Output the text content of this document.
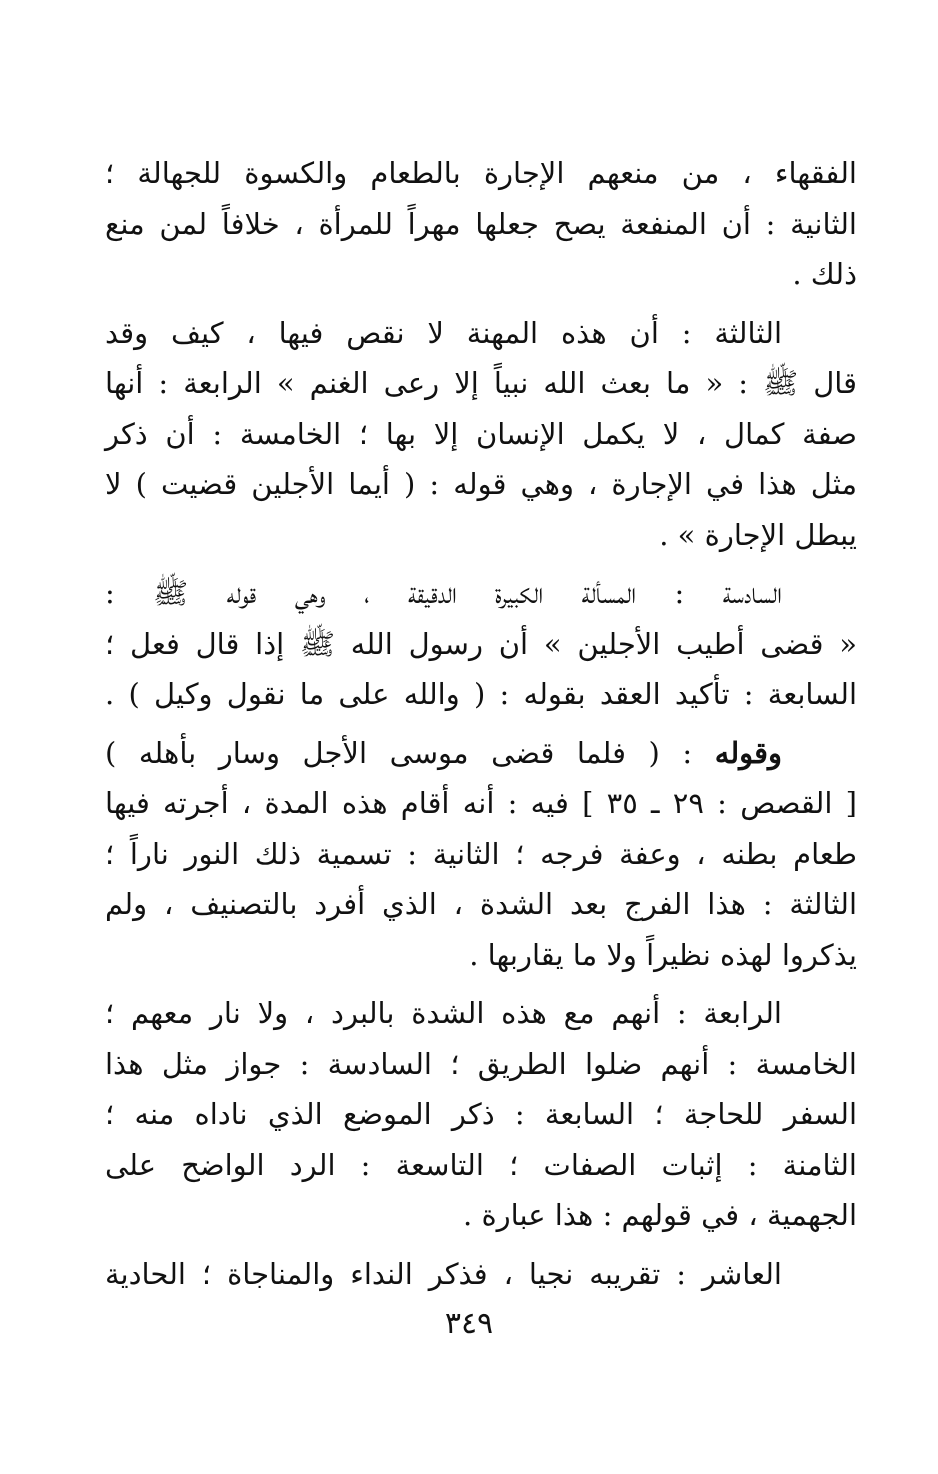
الفقهاء ، من منعهم الإجارة بالطعام والكسوة للجهالة ؛
الثانية : أن المنفعة يصح جعلها مهراً للمرأة ، خلافاً لمن منع
ذلك .
الثالثة : أن هذه المهنة لا نقص فيها ، كيف وقد
قال ﷺ : « ما بعث الله نبياً إلا رعى الغنم » الرابعة : أنها
صفة كمال ، لا يكمل الإنسان إلا بها ؛ الخامسة : أن ذكر
مثل هذا في الإجارة ، وهي قوله : ( أيما الأجلين قضيت ) لا
يبطل الإجارة » .
السادسة : المسألة الكبيرة الدقيقة ، وهي قوله ﷺ :
« قضى أطيب الأجلين » أن رسول الله ﷺ إذا قال فعل ؛
السابعة : تأكيد العقد بقوله : ( والله على ما نقول وكيل ) .
وقوله : ( فلما قضى موسى الأجل وسار بأهله )
[ القصص : ٢٩ ـ ٣٥ ] فيه : أنه أقام هذه المدة ، أجرته فيها
طعام بطنه ، وعفة فرجه ؛ الثانية : تسمية ذلك النور ناراً ؛
الثالثة : هذا الفرج بعد الشدة ، الذي أفرد بالتصنيف ، ولم
يذكروا لهذه نظيراً ولا ما يقاربها .
الرابعة : أنهم مع هذه الشدة بالبرد ، ولا نار معهم ؛
الخامسة : أنهم ضلوا الطريق ؛ السادسة : جواز مثل هذا
السفر للحاجة ؛ السابعة : ذكر الموضع الذي ناداه منه ؛
الثامنة : إثبات الصفات ؛ التاسعة : الرد الواضح على
الجهمية ، في قولهم : هذا عبارة .
العاشر : تقريبه نجيا ، فذكر النداء والمناجاة ؛ الحادية
٣٤٩
